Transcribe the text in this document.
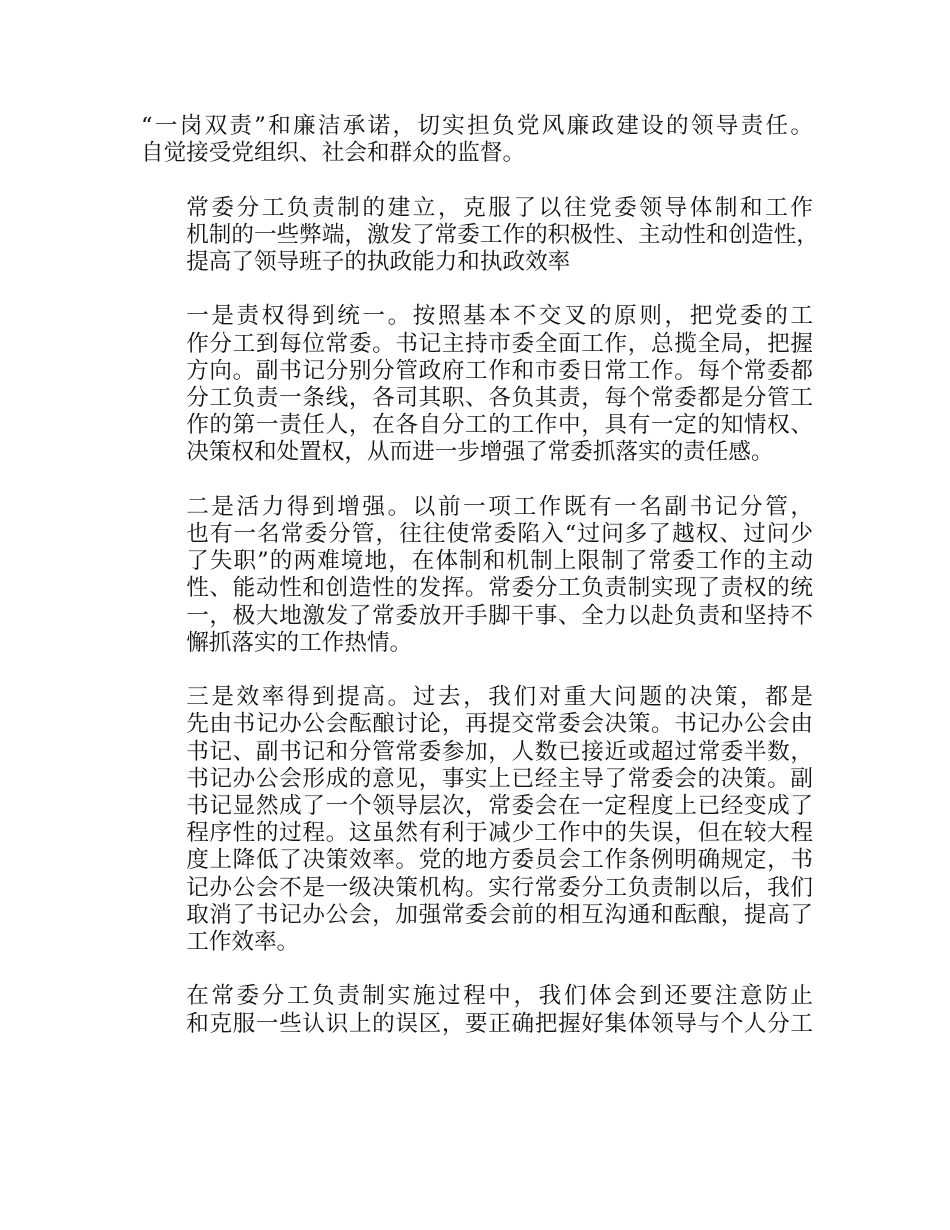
“一岗双责”和廉洁承诺，切实担负党风廉政建设的领导责任。
自觉接受党组织、社会和群众的监督。
常委分工负责制的建立，克服了以往党委领导体制和工作
机制的一些弊端，激发了常委工作的积极性、主动性和创造性，
提高了领导班子的执政能力和执政效率
一是责权得到统一。按照基本不交叉的原则，把党委的工
作分工到每位常委。书记主持市委全面工作，总揽全局，把握
方向。副书记分别分管政府工作和市委日常工作。每个常委都
分工负责一条线，各司其职、各负其责，每个常委都是分管工
作的第一责任人，在各自分工的工作中，具有一定的知情权、
决策权和处置权，从而进一步增强了常委抓落实的责任感。
二是活力得到增强。以前一项工作既有一名副书记分管，
也有一名常委分管，往往使常委陷入“过问多了越权、过问少
了失职”的两难境地，在体制和机制上限制了常委工作的主动
性、能动性和创造性的发挥。常委分工负责制实现了责权的统
一，极大地激发了常委放开手脚干事、全力以赴负责和坚持不
懈抓落实的工作热情。
三是效率得到提高。过去，我们对重大问题的决策，都是
先由书记办公会酝酿讨论，再提交常委会决策。书记办公会由
书记、副书记和分管常委参加，人数已接近或超过常委半数，
书记办公会形成的意见，事实上已经主导了常委会的决策。副
书记显然成了一个领导层次，常委会在一定程度上已经变成了
程序性的过程。这虽然有利于减少工作中的失误，但在较大程
度上降低了决策效率。党的地方委员会工作条例明确规定，书
记办公会不是一级决策机构。实行常委分工负责制以后，我们
取消了书记办公会，加强常委会前的相互沟通和酝酿，提高了
工作效率。
在常委分工负责制实施过程中，我们体会到还要注意防止
和克服一些认识上的误区，要正确把握好集体领导与个人分工
